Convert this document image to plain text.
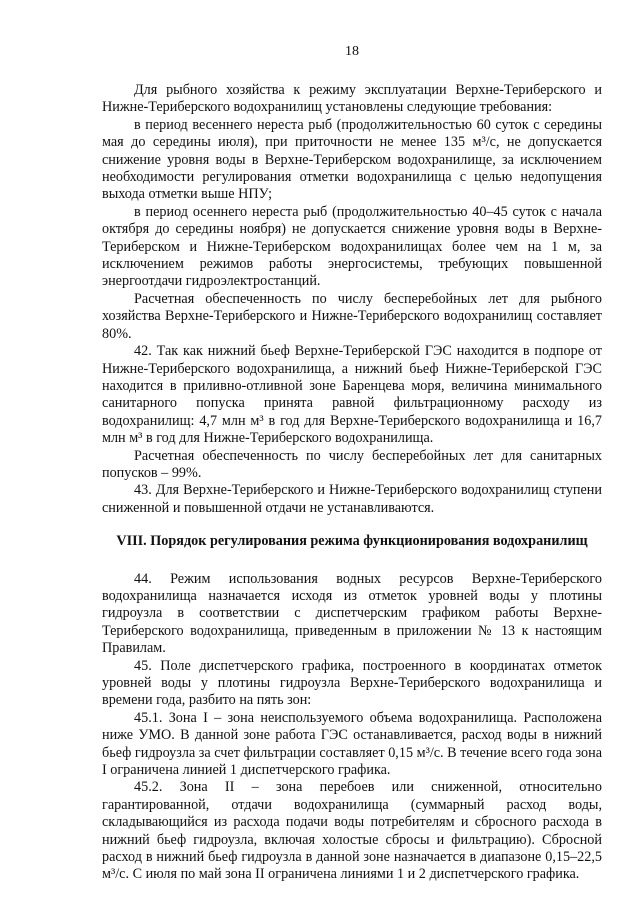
18

Для рыбного хозяйства к режиму эксплуатации Верхне-Териберского и Нижне-Териберского водохранилищ установлены следующие требования:

в период весеннего нереста рыб (продолжительностью 60 суток с середины мая до середины июля), при приточности не менее 135 м³/с, не допускается снижение уровня воды в Верхне-Териберском водохранилище, за исключением необходимости регулирования отметки водохранилища с целью недопущения выхода отметки выше НПУ;

в период осеннего нереста рыб (продолжительностью 40–45 суток с начала октября до середины ноября) не допускается снижение уровня воды в Верхне-Териберском и Нижне-Териберском водохранилищах более чем на 1 м, за исключением режимов работы энергосистемы, требующих повышенной энергоотдачи гидроэлектростанций.

Расчетная обеспеченность по числу бесперебойных лет для рыбного хозяйства Верхне-Териберского и Нижне-Териберского водохранилищ составляет 80%.

42. Так как нижний бьеф Верхне-Териберской ГЭС находится в подпоре от Нижне-Териберского водохранилища, а нижний бьеф Нижне-Териберской ГЭС находится в приливно-отливной зоне Баренцева моря, величина минимального санитарного попуска принята равной фильтрационному расходу из водохранилищ: 4,7 млн м³ в год для Верхне-Териберского водохранилища и 16,7 млн м³ в год для Нижне-Териберского водохранилища.

Расчетная обеспеченность по числу бесперебойных лет для санитарных попусков – 99%.

43. Для Верхне-Териберского и Нижне-Териберского водохранилищ ступени сниженной и повышенной отдачи не устанавливаются.

VIII. Порядок регулирования режима функционирования водохранилищ

44. Режим использования водных ресурсов Верхне-Териберского водохранилища назначается исходя из отметок уровней воды у плотины гидроузла в соответствии с диспетчерским графиком работы Верхне-Териберского водохранилища, приведенным в приложении № 13 к настоящим Правилам.

45. Поле диспетчерского графика, построенного в координатах отметок уровней воды у плотины гидроузла Верхне-Териберского водохранилища и времени года, разбито на пять зон:

45.1. Зона I – зона неиспользуемого объема водохранилища. Расположена ниже УМО. В данной зоне работа ГЭС останавливается, расход воды в нижний бьеф гидроузла за счет фильтрации составляет 0,15 м³/с. В течение всего года зона I ограничена линией 1 диспетчерского графика.

45.2. Зона II – зона перебоев или сниженной, относительно гарантированной, отдачи водохранилища (суммарный расход воды, складывающийся из расхода подачи воды потребителям и сбросного расхода в нижний бьеф гидроузла, включая холостые сбросы и фильтрацию). Сбросной расход в нижний бьеф гидроузла в данной зоне назначается в диапазоне 0,15–22,5 м³/с. С июля по май зона II ограничена линиями 1 и 2 диспетчерского графика.
